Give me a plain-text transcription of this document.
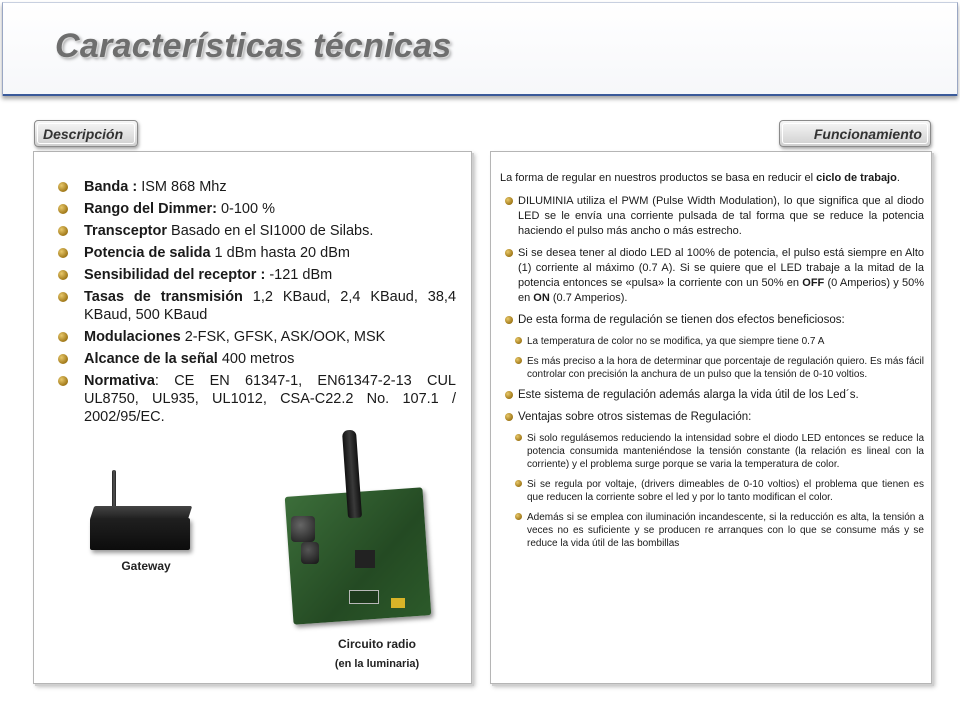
Características técnicas
Descripción	Funcionamiento
Banda : ISM 868 Mhz
Rango del Dimmer: 0-100 %
Transceptor Basado en el SI1000 de Silabs.
Potencia de salida 1 dBm hasta 20 dBm
Sensibilidad del receptor : -121 dBm
Tasas de transmisión 1,2 KBaud, 2,4 KBaud, 38,4 KBaud, 500 KBaud
Modulaciones 2-FSK, GFSK, ASK/OOK, MSK
Alcance de la señal 400 metros
Normativa: CE EN 61347-1, EN61347-2-13 CUL UL8750, UL935, UL1012, CSA-C22.2 No. 107.1 / 2002/95/EC.
Gateway
Circuito radio
(en la luminaria)

La forma de regular en nuestros productos se basa en reducir el ciclo de trabajo.

DILUMINIA utiliza el PWM (Pulse Width Modulation), lo que significa que al diodo LED se le envía una corriente pulsada de tal forma que se reduce la potencia haciendo el pulso más ancho o más estrecho.
Si se desea tener al diodo LED al 100% de potencia, el pulso está siempre en Alto (1) corriente al máximo (0.7 A). Si se quiere que el LED trabaje a la mitad de la potencia entonces se «pulsa» la corriente con un 50% en OFF (0 Amperios) y 50% en ON (0.7 Amperios).
De esta forma de regulación se tienen dos efectos beneficiosos:
La temperatura de color no se modifica, ya que siempre tiene 0.7 A
Es más preciso a la hora de determinar que porcentaje de regulación quiero. Es más fácil controlar con precisión la anchura de un pulso que la tensión de 0-10 voltios.
Este sistema de regulación además alarga la vida útil de los Led´s.
Ventajas sobre otros sistemas de Regulación:
Si solo regulásemos reduciendo la intensidad sobre el diodo LED entonces se reduce la potencia consumida manteniéndose la tensión constante (la relación es lineal con la corriente) y el problema surge porque se varia la temperatura de color.
Si se regula por voltaje, (drivers dimeables de 0-10 voltios) el problema que tienen es que reducen la corriente sobre el led y por lo tanto modifican el color.
Además si se emplea con iluminación incandescente, si la reducción es alta, la tensión a veces no es suficiente y se producen re arranques con lo que se consume más y se reduce la vida útil de las bombillas
